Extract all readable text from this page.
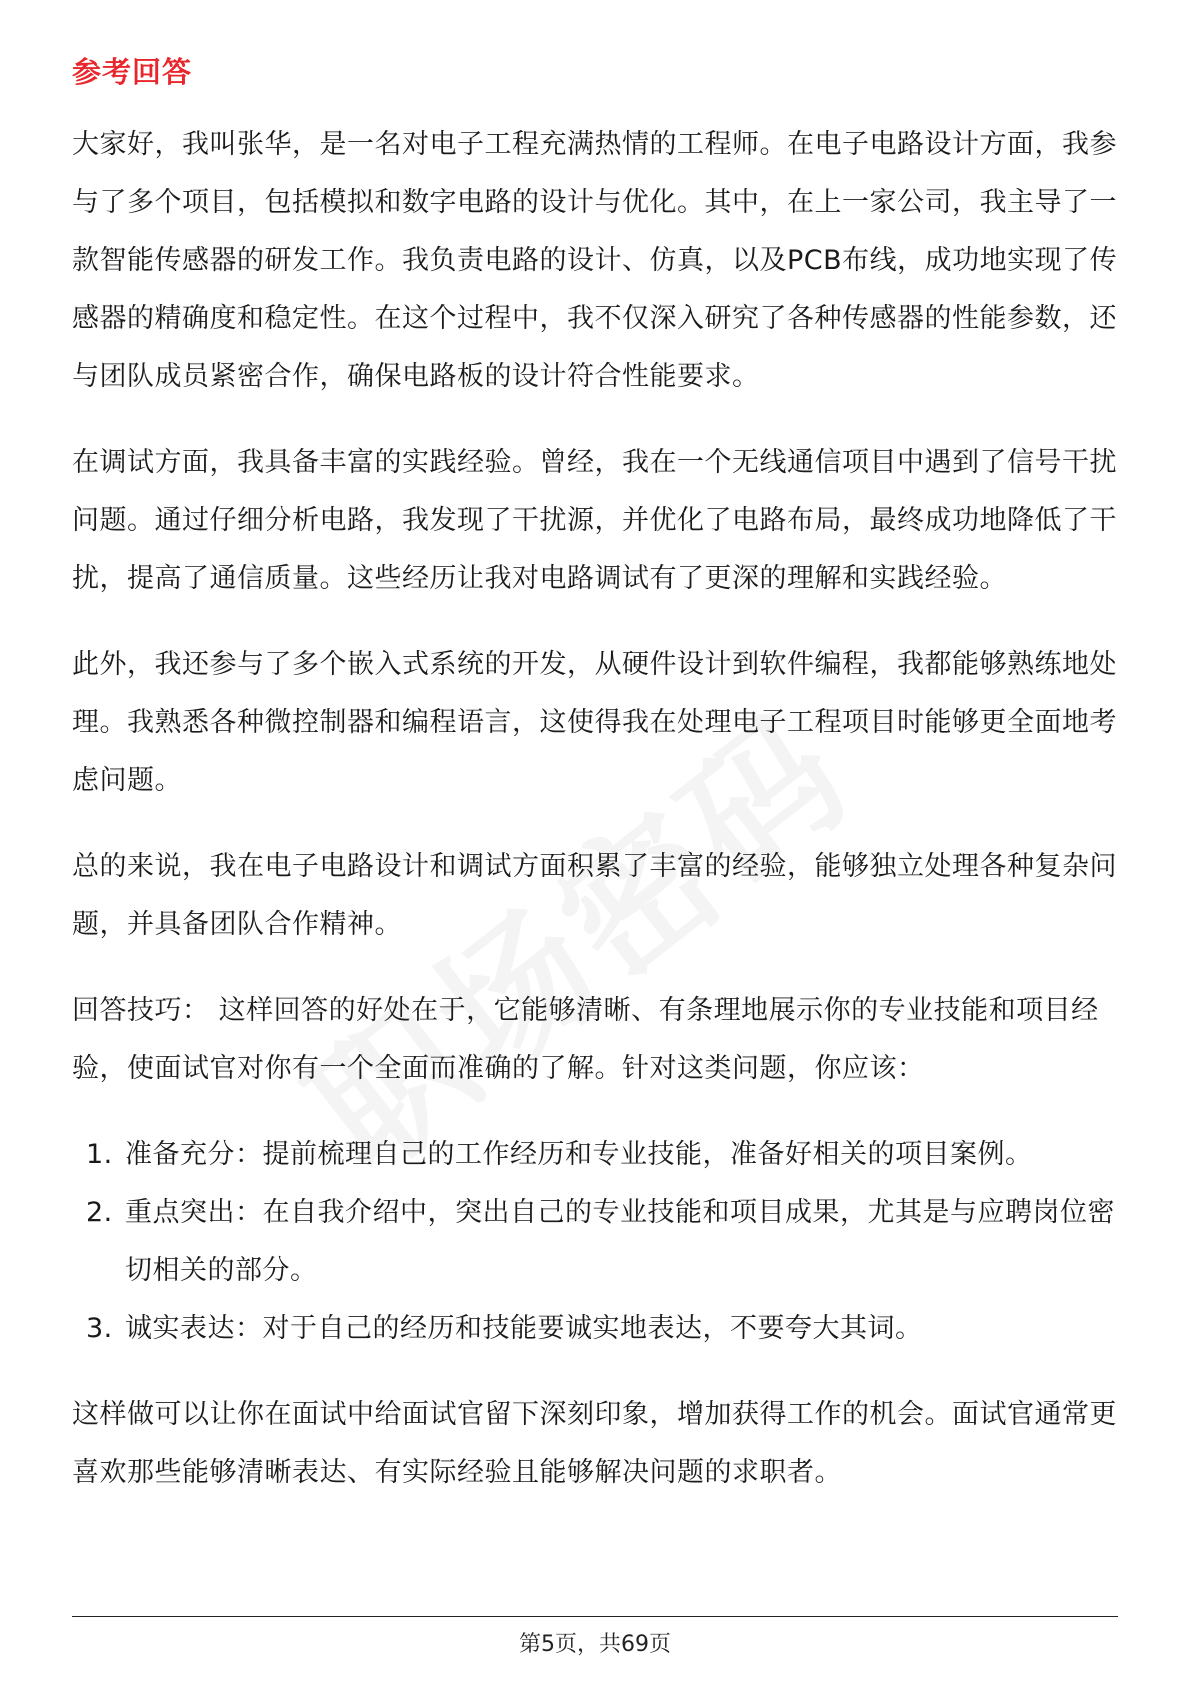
参考回答

大家好，我叫张华，是一名对电子工程充满热情的工程师。在电子电路设计方面，我参与了多个项目，包括模拟和数字电路的设计与优化。其中，在上一家公司，我主导了一款智能传感器的研发工作。我负责电路的设计、仿真，以及PCB布线，成功地实现了传感器的精确度和稳定性。在这个过程中，我不仅深入研究了各种传感器的性能参数，还与团队成员紧密合作，确保电路板的设计符合性能要求。

在调试方面，我具备丰富的实践经验。曾经，我在一个无线通信项目中遇到了信号干扰问题。通过仔细分析电路，我发现了干扰源，并优化了电路布局，最终成功地降低了干扰，提高了通信质量。这些经历让我对电路调试有了更深的理解和实践经验。

此外，我还参与了多个嵌入式系统的开发，从硬件设计到软件编程，我都能够熟练地处理。我熟悉各种微控制器和编程语言，这使得我在处理电子工程项目时能够更全面地考虑问题。

总的来说，我在电子电路设计和调试方面积累了丰富的经验，能够独立处理各种复杂问题，并具备团队合作精神。

回答技巧： 这样回答的好处在于，它能够清晰、有条理地展示你的专业技能和项目经验，使面试官对你有一个全面而准确的了解。针对这类问题，你应该：

1. 准备充分：提前梳理自己的工作经历和专业技能，准备好相关的项目案例。
2. 重点突出：在自我介绍中，突出自己的专业技能和项目成果，尤其是与应聘岗位密切相关的部分。
3. 诚实表达：对于自己的经历和技能要诚实地表达，不要夸大其词。

这样做可以让你在面试中给面试官留下深刻印象，增加获得工作的机会。面试官通常更喜欢那些能够清晰表达、有实际经验且能够解决问题的求职者。

第5页，共69页
